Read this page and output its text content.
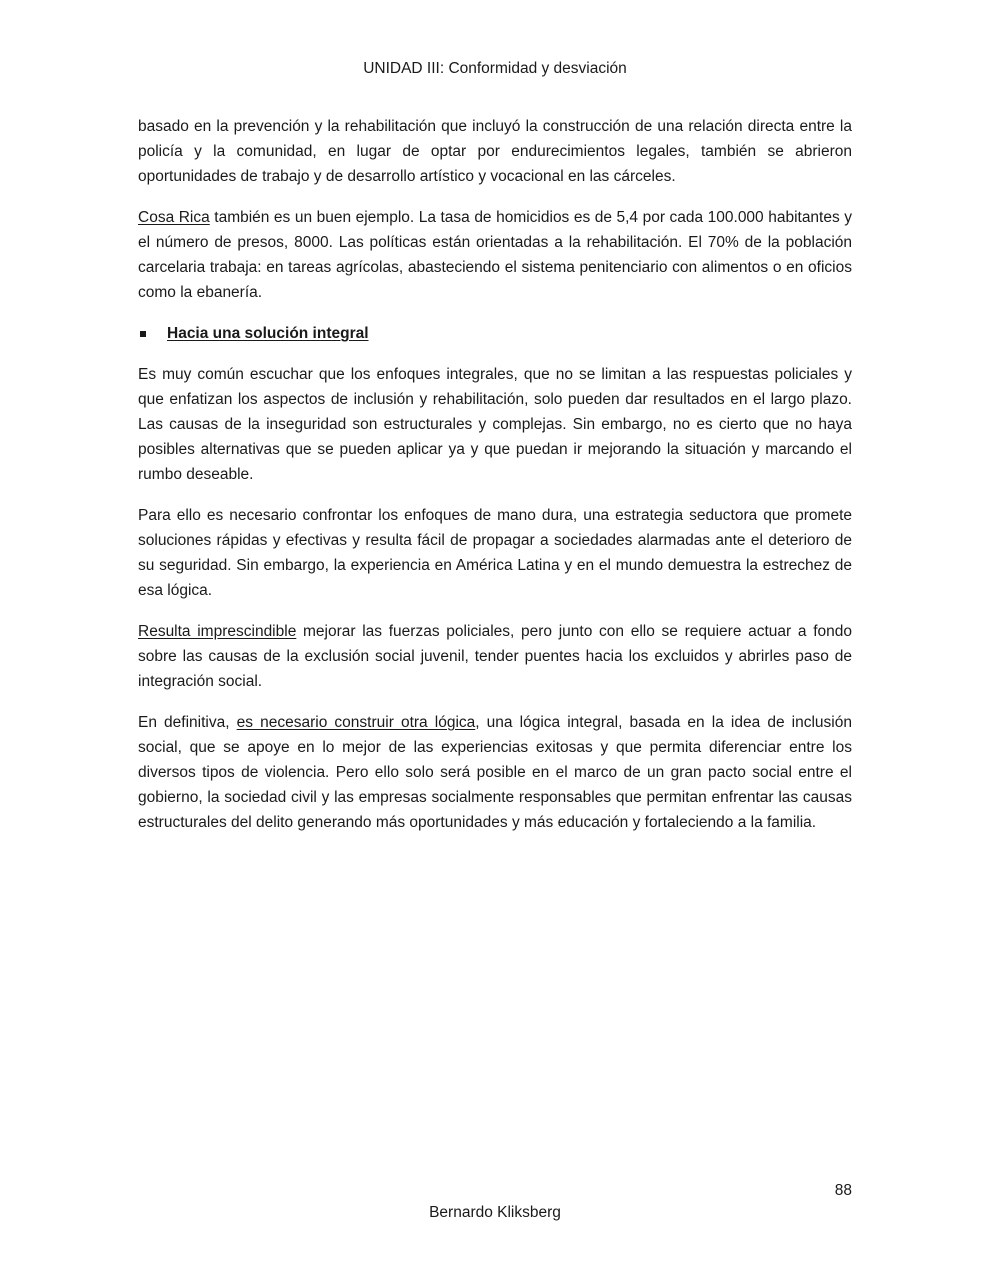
UNIDAD III: Conformidad y desviación

basado en la prevención y la rehabilitación que incluyó la construcción de una relación directa entre la policía y la comunidad, en lugar de optar por endurecimientos legales, también se abrieron oportunidades de trabajo y de desarrollo artístico y vocacional en las cárceles.

Cosa Rica también es un buen ejemplo. La tasa de homicidios es de 5,4 por cada 100.000 habitantes y el número de presos, 8000. Las políticas están orientadas a la rehabilitación. El 70% de la población carcelaria trabaja: en tareas agrícolas, abasteciendo el sistema penitenciario con alimentos o en oficios como la ebanería.

Hacia una solución integral

Es muy común escuchar que los enfoques integrales, que no se limitan a las respuestas policiales y que enfatizan los aspectos de inclusión y rehabilitación, solo pueden dar resultados en el largo plazo. Las causas de la inseguridad son estructurales y complejas. Sin embargo, no es cierto que no haya posibles alternativas que se pueden aplicar ya y que puedan ir mejorando la situación y marcando el rumbo deseable.

Para ello es necesario confrontar los enfoques de mano dura, una estrategia seductora que promete soluciones rápidas y efectivas y resulta fácil de propagar a sociedades alarmadas ante el deterioro de su seguridad. Sin embargo, la experiencia en América Latina y en el mundo demuestra la estrechez de esa lógica.

Resulta imprescindible mejorar las fuerzas policiales, pero junto con ello se requiere actuar a fondo sobre las causas de la exclusión social juvenil, tender puentes hacia los excluidos y abrirles paso de integración social.

En definitiva, es necesario construir otra lógica, una lógica integral, basada en la idea de inclusión social, que se apoye en lo mejor de las experiencias exitosas y que permita diferenciar entre los diversos tipos de violencia. Pero ello solo será posible en el marco de un gran pacto social entre el gobierno, la sociedad civil y las empresas socialmente responsables que permitan enfrentar las causas estructurales del delito generando más oportunidades y más educación y fortaleciendo a la familia.

88
Bernardo Kliksberg
